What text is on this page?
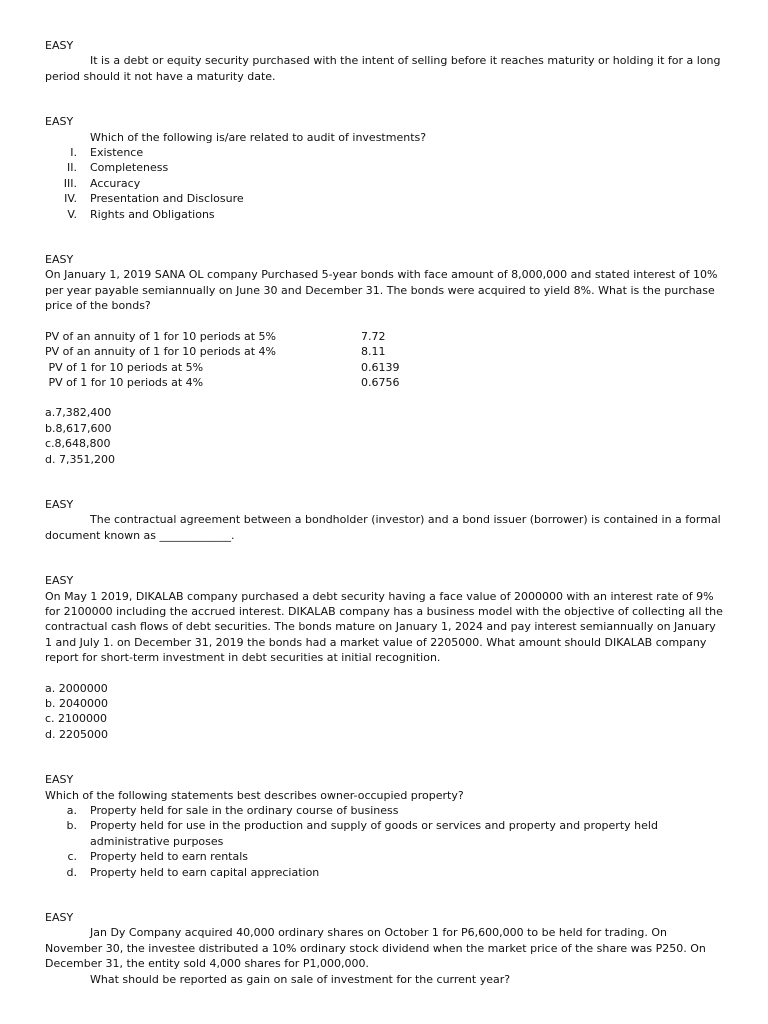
EASY

It is a debt or equity security purchased with the intent of selling before it reaches maturity or holding it for a long period should it not have a maturity date.

EASY

Which of the following is/are related to audit of investments?

I. Existence
II. Completeness
III. Accuracy
IV. Presentation and Disclosure
V. Rights and Obligations
EASY

On January 1, 2019 SANA OL company Purchased 5-year bonds with face amount of 8,000,000 and stated interest of 10% per year payable semiannually on June 30 and December 31. The bonds were acquired to yield 8%. What is the purchase price of the bonds?

PV of an annuity of 1 for 10 periods at 5%	7.72
PV of an annuity of 1 for 10 periods at 4%	8.11
PV of 1 for 10 periods at 5%	0.6139
PV of 1 for 10 periods at 4%	0.6756
a.7,382,400
b.8,617,600
c.8,648,800
d. 7,351,200
EASY

The contractual agreement between a bondholder (investor) and a bond issuer (borrower) is contained in a formal document known as _____________.

EASY

On May 1 2019, DIKALAB company purchased a debt security having a face value of 2000000 with an interest rate of 9% for 2100000 including the accrued interest. DIKALAB company has a business model with the objective of collecting all the contractual cash flows of debt securities. The bonds mature on January 1, 2024 and pay interest semiannually on January 1 and July 1. on December 31, 2019 the bonds had a market value of 2205000. What amount should DIKALAB company report for short-term investment in debt securities at initial recognition.

a. 2000000
b. 2040000
c. 2100000
d. 2205000
EASY

Which of the following statements best describes owner-occupied property?

a. Property held for sale in the ordinary course of business
b. Property held for use in the production and supply of goods or services and property and property held administrative purposes
c. Property held to earn rentals
d. Property held to earn capital appreciation
EASY

Jan Dy Company acquired 40,000 ordinary shares on October 1 for P6,600,000 to be held for trading. On November 30, the investee distributed a 10% ordinary stock dividend when the market price of the share was P250. On December 31, the entity sold 4,000 shares for P1,000,000.

What should be reported as gain on sale of investment for the current year?
